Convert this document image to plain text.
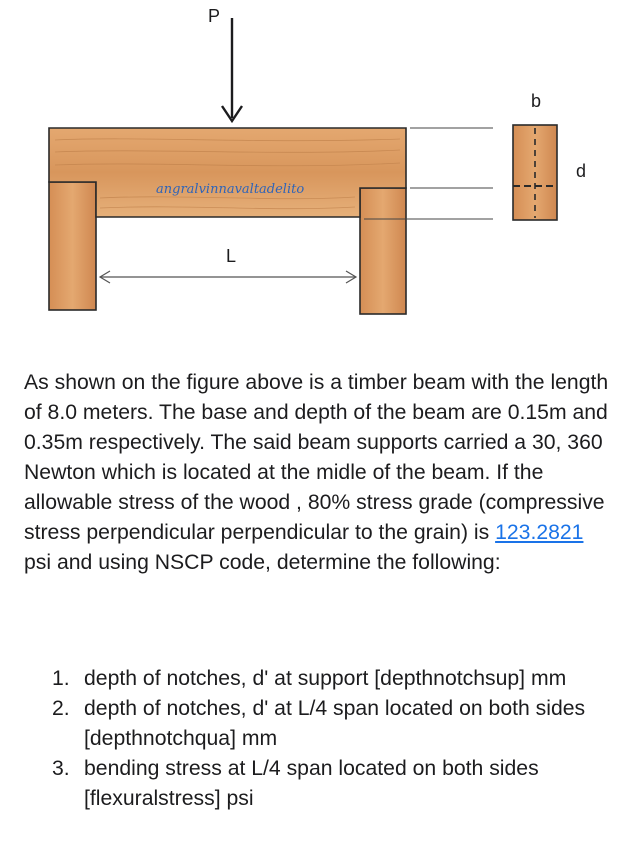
P
angralvinnavaltadelito
L
b
d

As shown on the figure above is a timber beam with the length of 8.0 meters. The base and depth of the beam are 0.15m and 0.35m respectively. The said beam supports carried a 30, 360 Newton which is located at the midle of the beam. If the allowable stress of the wood , 80% stress grade (compressive stress perpendicular perpendicular to the grain) is 123.2821 psi and using NSCP code, determine the following:

1. depth of notches, d' at support [depthnotchsup] mm
2. depth of notches, d' at L/4 span located on both sides [depthnotchqua] mm
3. bending stress at L/4 span located on both sides [flexuralstress] psi
